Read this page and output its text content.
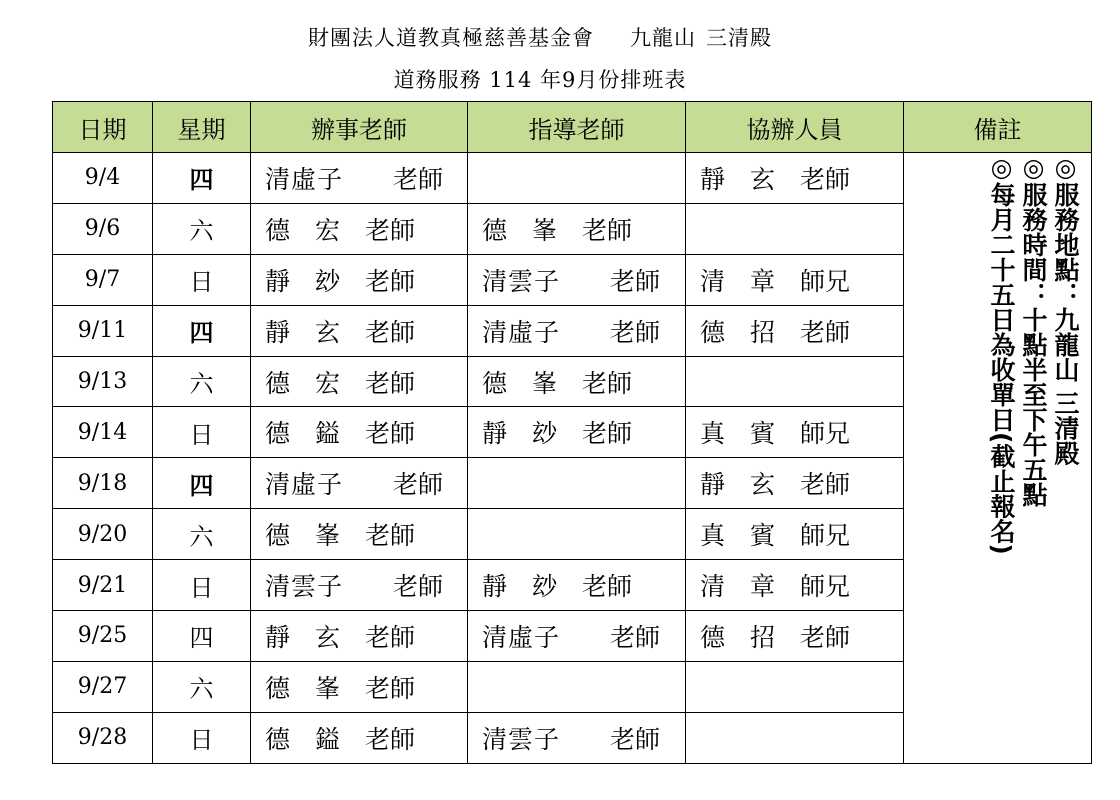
財團法人道教真極慈善基金會 九龍山 三清殿
道務服務 114 年9月份排班表
日期	星期	辦事老師	指導老師	協辦人員	備註
9/4	四	清虛子 老師		靜 玄 老師	◎服務地點：九龍山 三清殿
◎服務時間：十點半至下午五點
◎每月二十五日為收單日(截止報名)

9/6	六	德 宏 老師	德 峯 老師		
9/7	日	靜 玅 老師	清雲子 老師	清 章 師兄	
9/11	四	靜 玄 老師	清虛子 老師	德 招 老師	
9/13	六	德 宏 老師	德 峯 老師		
9/14	日	德 鎰 老師	靜 玅 老師	真 賓 師兄	
9/18	四	清虛子 老師		靜 玄 老師	
9/20	六	德 峯 老師		真 賓 師兄	
9/21	日	清雲子 老師	靜 玅 老師	清 章 師兄	
9/25	四	靜 玄 老師	清虛子 老師	德 招 老師	
9/27	六	德 峯 老師			
9/28	日	德 鎰 老師	清雲子 老師		
